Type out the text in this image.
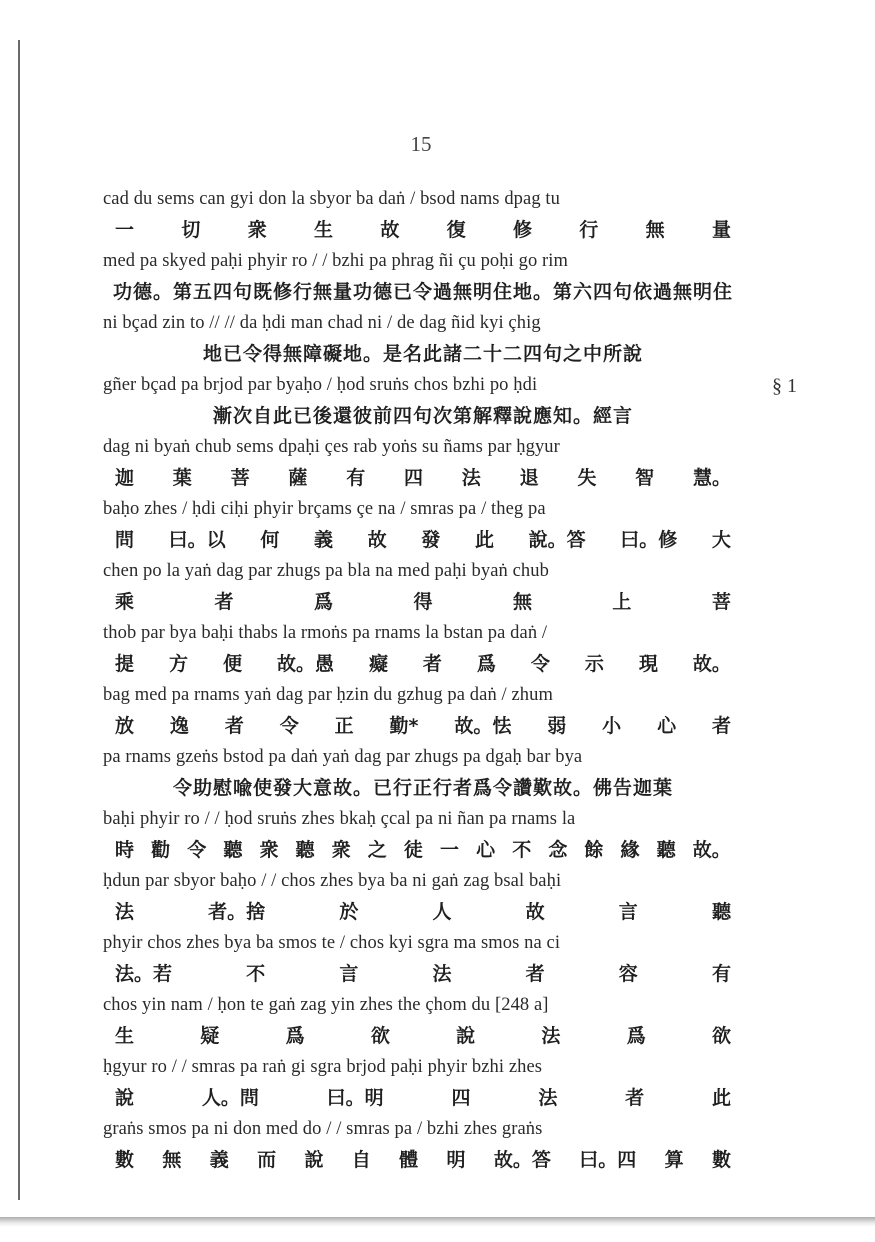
15
§ 1
cad du sems can gyi don la sbyor ba daṅ / bsod nams dpag tu
一 切 衆 生 故 復 修 行 無 量
med pa skyed pa‌ḥi phyir ro / / bzhi pa phrag ñi çu po‌ḥi go rim
功德。第五四句既修行無量功德已令過無明住地。第六四句依過無明住
ni bçad zin to // // da ḥdi man chad ni / de dag ñid kyi çhig
地已令得無障礙地。是名此諸二十二四句之中所說
gñer bçad pa brjod par byaḥo / ḥod sruṅs chos bzhi po ḥdi
漸次自此已後還彼前四句次第解釋說應知。經言
dag ni byaṅ chub sems dpaḥi çes rab yoṅs su ñams par ḥgyur
迦 葉 菩 薩 有 四 法 退 失 智 慧。
baḥo zhes / ḥdi ciḥi phyir brçams çe na / smras pa / theg pa
問 曰。以 何 義 故 發 此 說。答 曰。修 大
chen po la yaṅ dag par zhugs pa bla na med paḥi byaṅ chub
乘	者	爲	得	無	上	菩
thob par bya baḥi thabs la rmoṅs pa rnams la bstan pa daṅ /
提 方 便 故。愚 癡 者 爲 令 示 現 故。
bag med pa rnams yaṅ dag par ḥzin du gzhug pa daṅ / zhum
放 逸 者 令 正 勤* 故。怯 弱 小 心 者
pa rnams gzeṅs bstod pa daṅ yaṅ dag par zhugs pa dgaḥ bar bya
令助慰喩使發大意故。已行正行者爲令讚歎故。佛告迦葉
baḥi phyir ro / / ḥod sruṅs zhes bkaḥ çcal pa ni ñan pa rnams la
時 勸 令 聽 衆 聽 衆 之 徒 一 心 不 念 餘 緣 聽 故。
ḥdun par sbyor baḥo / / chos zhes bya ba ni gaṅ zag bsal baḥi
法	者。捨	於	人	故	言	聽
phyir chos zhes bya ba smos te / chos kyi sgra ma smos na ci
法。若	不	言	法	者	容	有
chos yin nam / ḥon te gaṅ zag yin zhes the çhom du [248 a]
生	疑	爲	欲	說	法	爲	欲
ḥgyur ro / / smras pa raṅ gi sgra brjod paḥi phyir bzhi zhes
說	人。問	曰。明	四	法	者	此
graṅs smos pa ni don med do / / smras pa / bzhi zhes graṅs
數 無 義 而 說 自 體 明 故。答 曰。四 算 數
